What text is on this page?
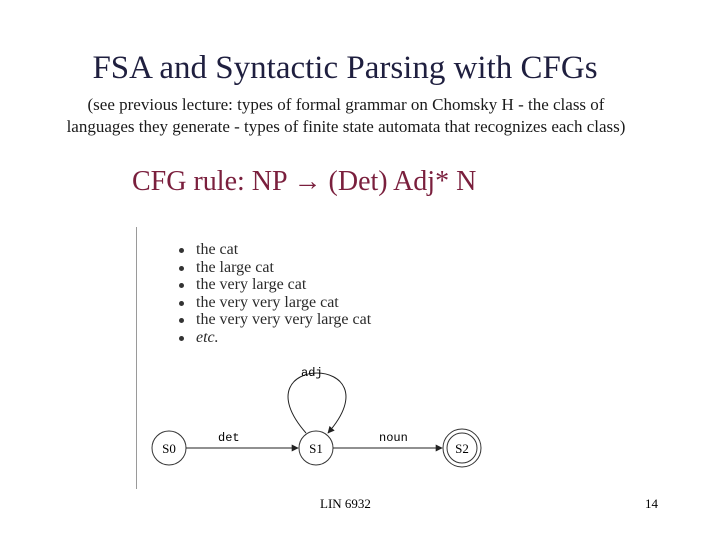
FSA and Syntactic Parsing with CFGs
(see previous lecture: types of formal grammar on Chomsky H - the class of
languages they generate - types of finite state automata that recognizes each class)
CFG rule: NP → (Det) Adj* N
the cat
the large cat
the very large cat
the very very large cat
the very very very large cat
etc.
S0	S1	S2
det
adj
noun
LIN 6932	14
